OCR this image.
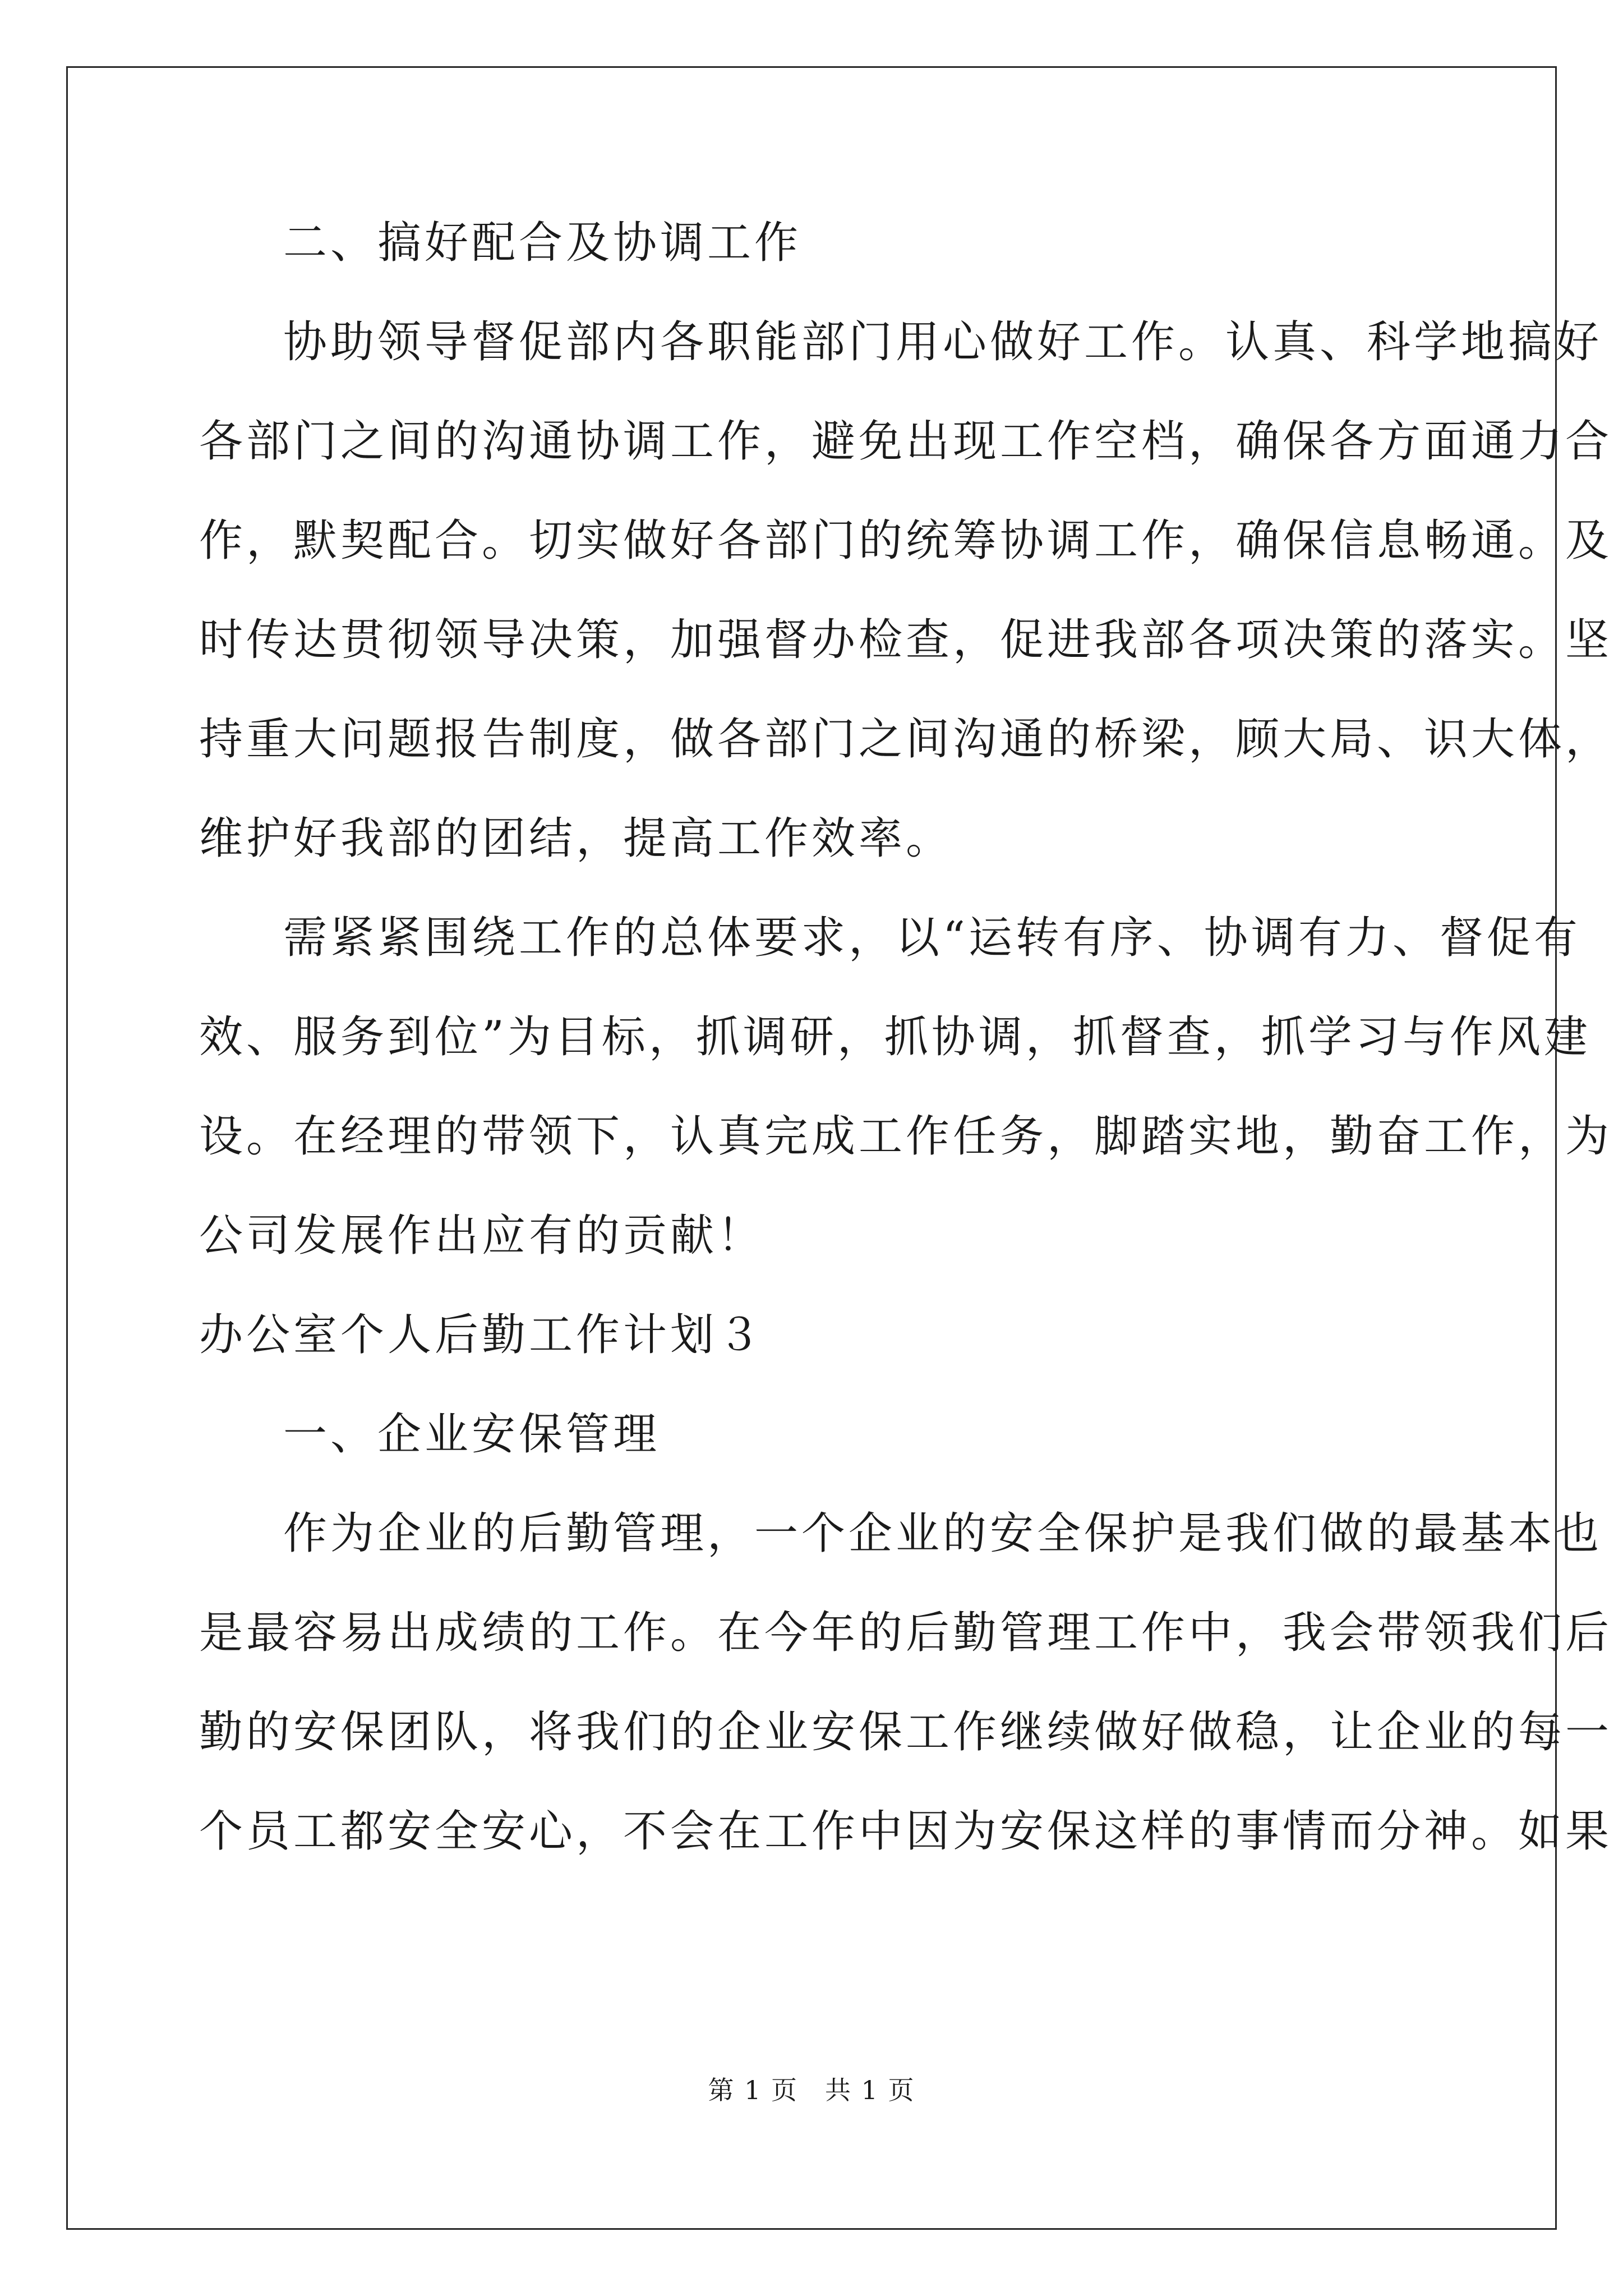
二、搞好配合及协调工作
协助领导督促部内各职能部门用心做好工作。认真、科学地搞好
各部门之间的沟通协调工作，避免出现工作空档，确保各方面通力合
作，默契配合。切实做好各部门的统筹协调工作，确保信息畅通。及
时传达贯彻领导决策，加强督办检查，促进我部各项决策的落实。坚
持重大问题报告制度，做各部门之间沟通的桥梁，顾大局、识大体，
维护好我部的团结，提高工作效率。
需紧紧围绕工作的总体要求，以“运转有序、协调有力、督促有
效、服务到位”为目标，抓调研，抓协调，抓督查，抓学习与作风建
设。在经理的带领下，认真完成工作任务，脚踏实地，勤奋工作，为
公司发展作出应有的贡献！
办公室个人后勤工作计划３
一、企业安保管理
作为企业的后勤管理，一个企业的安全保护是我们做的最基本也
是最容易出成绩的工作。在今年的后勤管理工作中，我会带领我们后
勤的安保团队，将我们的企业安保工作继续做好做稳，让企业的每一
个员工都安全安心，不会在工作中因为安保这样的事情而分神。如果
第 1 页　共 1 页
